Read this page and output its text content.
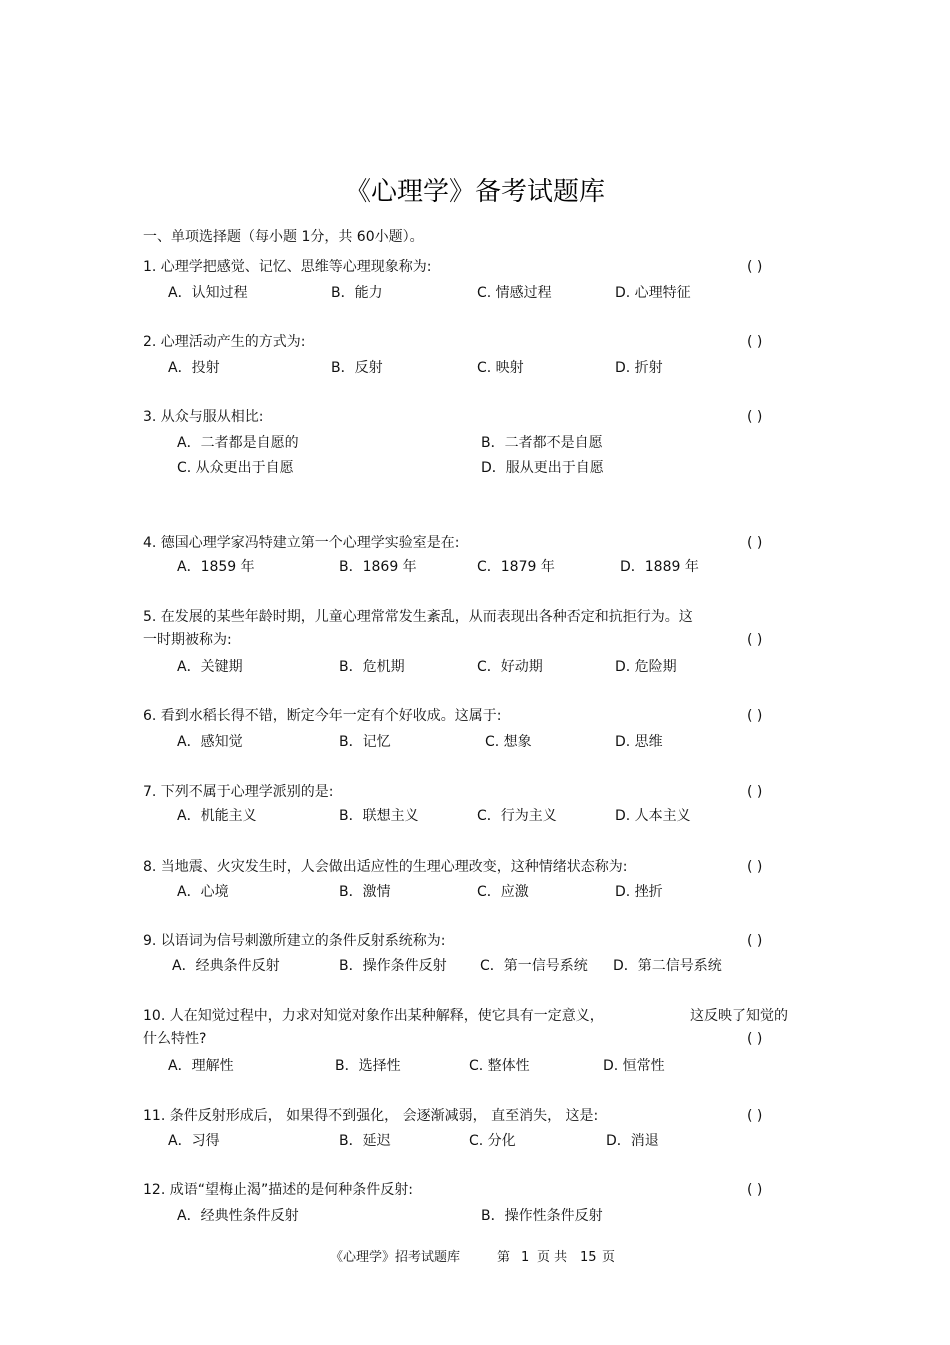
《心理学》备考试题库
一、单项选择题（每小题 1分，共 60小题）。
1. 心理学把感觉、记忆、思维等心理现象称为:	( )
A．认知过程	B．能力	C. 情感过程	D. 心理特征
2. 心理活动产生的方式为:	( )
A．投射	B．反射	C. 映射	D. 折射
3. 从众与服从相比:	( )
A．二者都是自愿的	B．二者都不是自愿
C. 从众更出于自愿	D．服从更出于自愿
4. 德国心理学家冯特建立第一个心理学实验室是在:	( )
A．1859 年	B．1869 年	C．1879 年	D．1889 年
5. 在发展的某些年龄时期，儿童心理常常发生紊乱，从而表现出各种否定和抗拒行为。这
一时期被称为:	( )
A．关键期	B．危机期	C．好动期	D. 危险期
6. 看到水稻长得不错，断定今年一定有个好收成。这属于:	( )
A．感知觉	B．记忆	C. 想象	D. 思维
7. 下列不属于心理学派别的是:	( )
A．机能主义	B．联想主义	C．行为主义	D. 人本主义
8. 当地震、火灾发生时，人会做出适应性的生理心理改变，这种情绪状态称为:	( )
A．心境	B．激情	C．应激	D. 挫折
9. 以语词为信号刺激所建立的条件反射系统称为:	( )
A．经典条件反射	B．操作条件反射 C．第一信号系统 D．第二信号系统
10. 人在知觉过程中，力求对知觉对象作出某种解释，使它具有一定意义，	这反映了知觉的
什么特性?	( )
A．理解性	B．选择性	C. 整体性	D. 恒常性
11. 条件反射形成后， 如果得不到强化， 会逐渐减弱， 直至消失， 这是:	( )
A．习得	B．延迟	C. 分化	D．消退
12. 成语“望梅止渴”描述的是何种条件反射:	( )
A．经典性条件反射	B．操作性条件反射
《心理学》招考试题库	第 1 页 共 15 页
